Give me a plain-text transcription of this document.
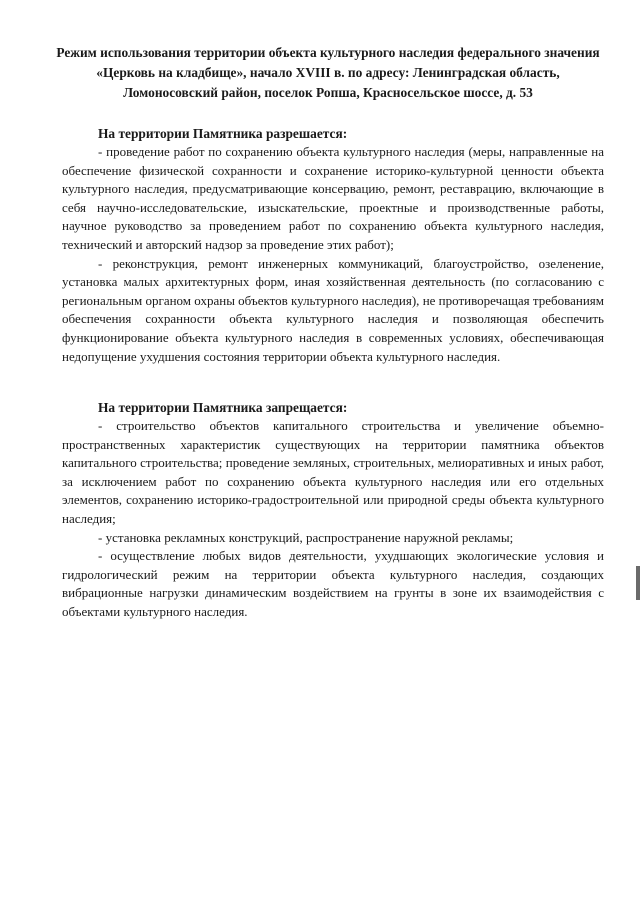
Режим использования территории объекта культурного наследия федерального значения «Церковь на кладбище», начало XVIII в. по адресу: Ленинградская область, Ломоносовский район, поселок Ропша, Красносельское шоссе, д. 53

На территории Памятника разрешается:

- проведение работ по сохранению объекта культурного наследия (меры, направленные на обеспечение физической сохранности и сохранение историко-культурной ценности объекта культурного наследия, предусматривающие консервацию, ремонт, реставрацию, включающие в себя научно-исследовательские, изыскательские, проектные и производственные работы, научное руководство за проведением работ по сохранению объекта культурного наследия, технический и авторский надзор за проведение этих работ);

- реконструкция, ремонт инженерных коммуникаций, благоустройство, озеленение, установка малых архитектурных форм, иная хозяйственная деятельность (по согласованию с региональным органом охраны объектов культурного наследия), не противоречащая требованиям обеспечения сохранности объекта культурного наследия и позволяющая обеспечить функционирование объекта культурного наследия в современных условиях, обеспечивающая недопущение ухудшения состояния территории объекта культурного наследия.

На территории Памятника запрещается:

- строительство объектов капитального строительства и увеличение объемно-пространственных характеристик существующих на территории памятника объектов капитального строительства; проведение земляных, строительных, мелиоративных и иных работ, за исключением работ по сохранению объекта культурного наследия или его отдельных элементов, сохранению историко-градостроительной или природной среды объекта культурного наследия;

- установка рекламных конструкций, распространение наружной рекламы;

- осуществление любых видов деятельности, ухудшающих экологические условия и гидрологический режим на территории объекта культурного наследия, создающих вибрационные нагрузки динамическим воздействием на грунты в зоне их взаимодействия с объектами культурного наследия.
